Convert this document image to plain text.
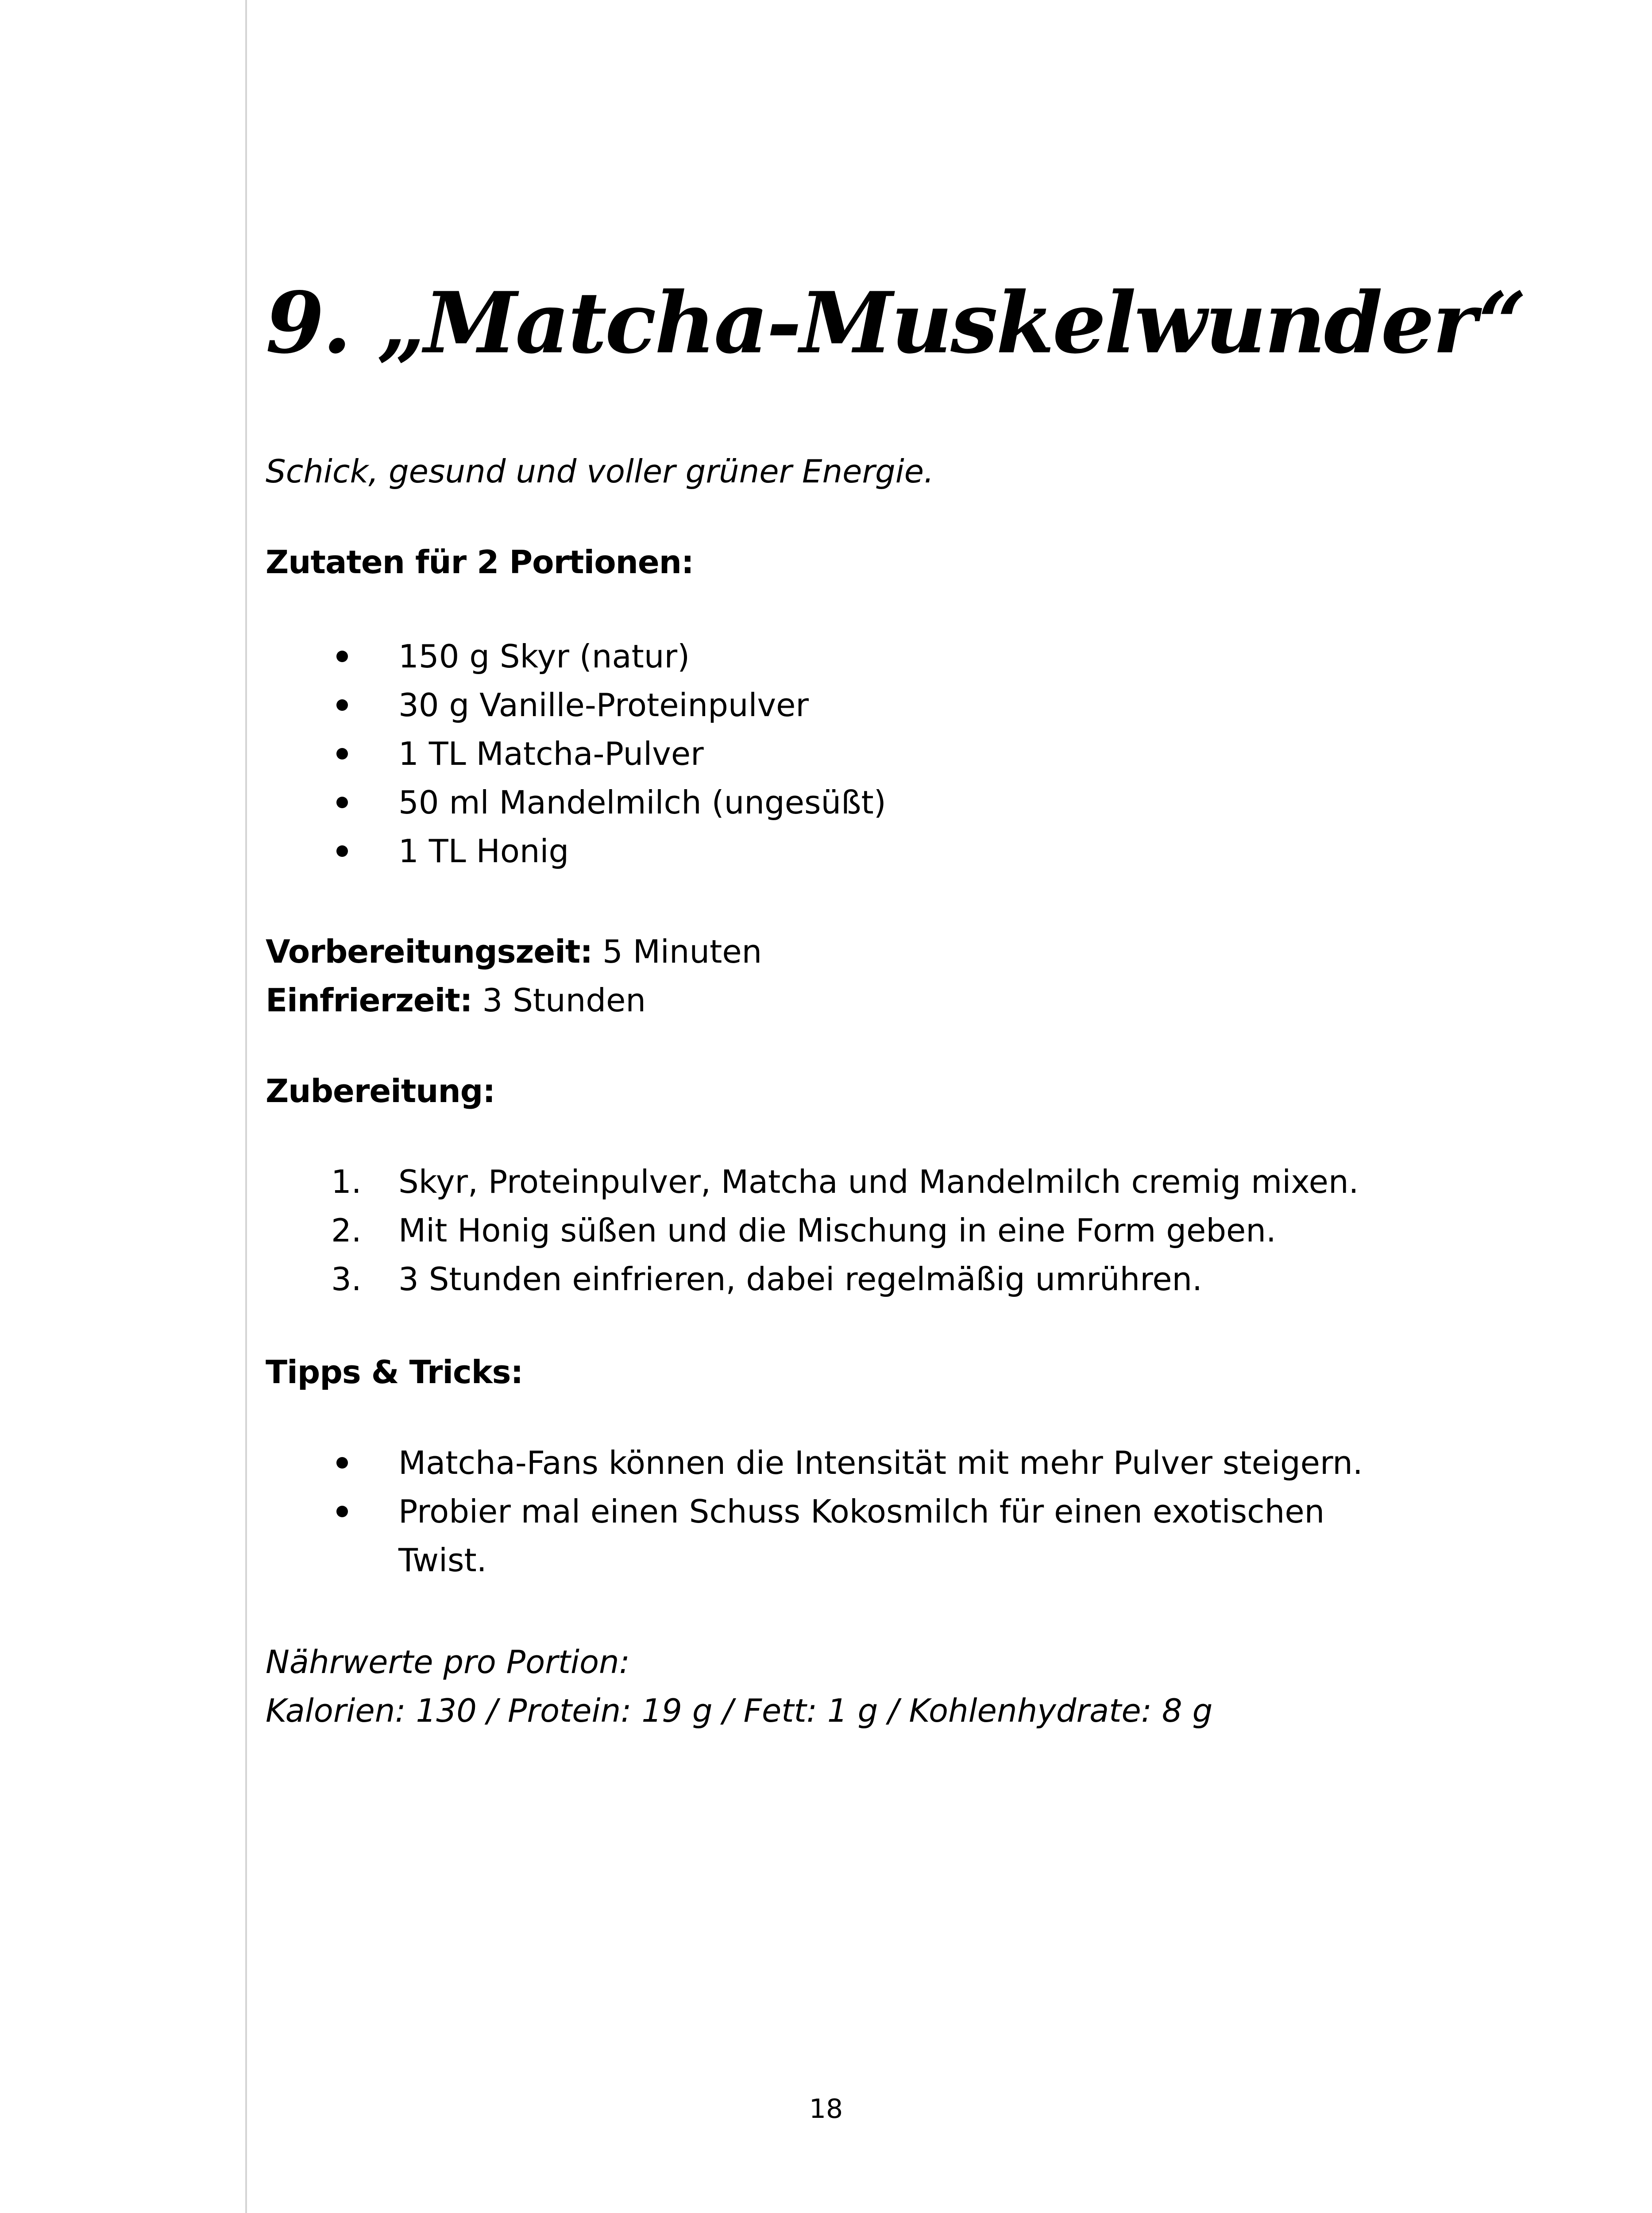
9. „Matcha-Muskelwunder“
Schick, gesund und voller grüner Energie.
Zutaten für 2 Portionen:
150 g Skyr (natur)
30 g Vanille-Proteinpulver
1 TL Matcha-Pulver
50 ml Mandelmilch (ungesüßt)
1 TL Honig
Vorbereitungszeit: 5 Minuten
Einfrierzeit: 3 Stunden
Zubereitung:
1.	Skyr, Proteinpulver, Matcha und Mandelmilch cremig mixen.
2.	Mit Honig süßen und die Mischung in eine Form geben.
3.	3 Stunden einfrieren, dabei regelmäßig umrühren.
Tipps & Tricks:
Matcha-Fans können die Intensität mit mehr Pulver steigern.
Probier mal einen Schuss Kokosmilch für einen exotischen
Twist.
Nährwerte pro Portion:
Kalorien: 130 / Protein: 19 g / Fett: 1 g / Kohlenhydrate: 8 g
18
